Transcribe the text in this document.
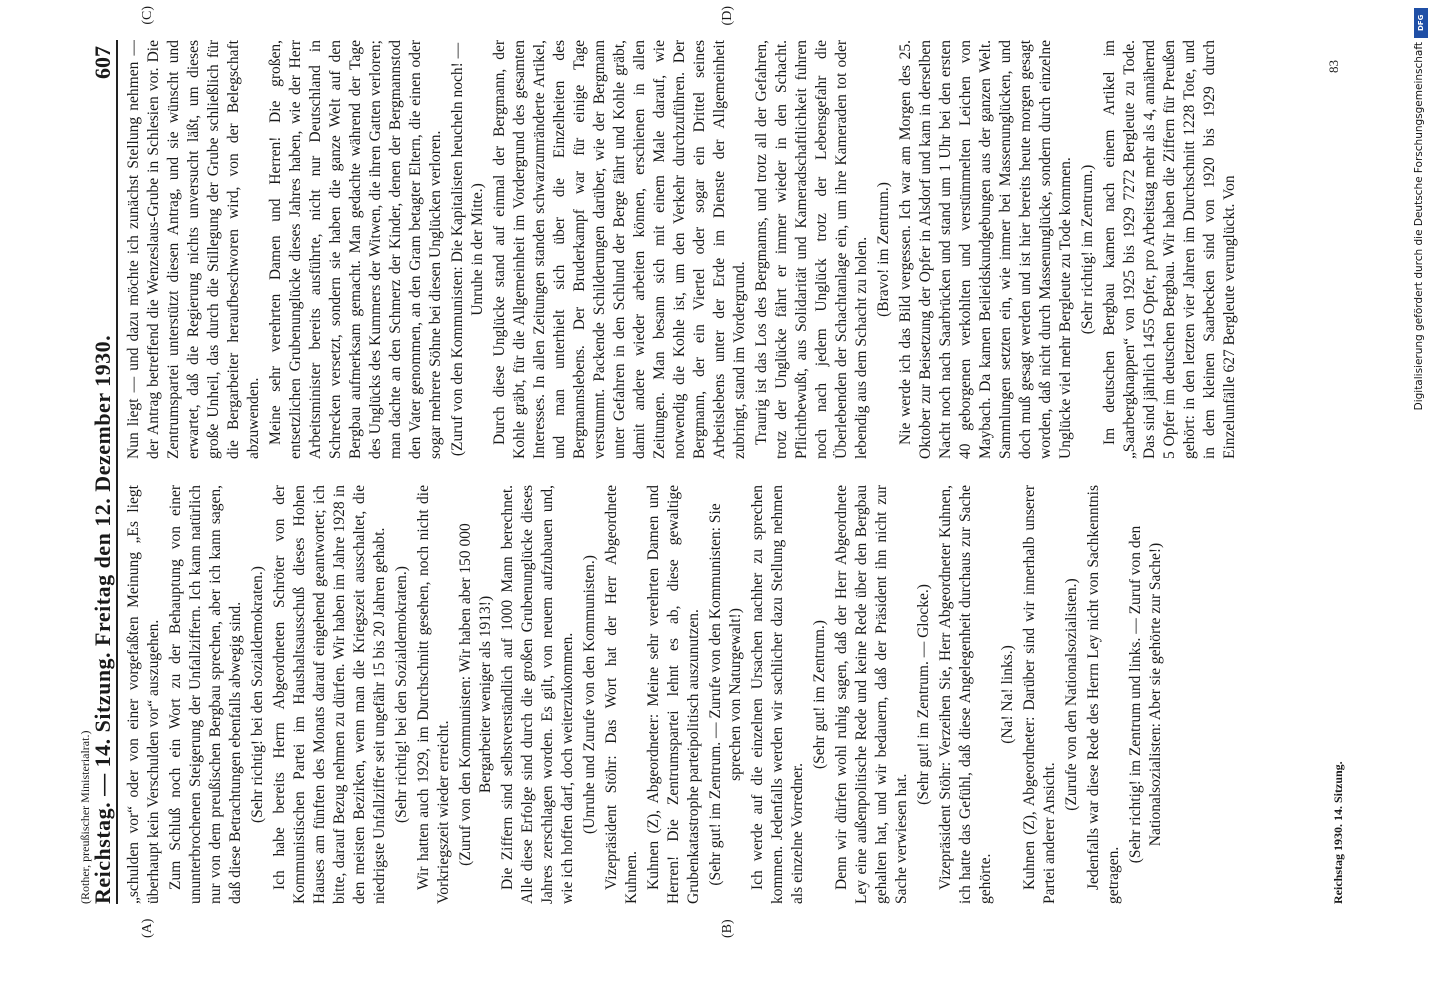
(Rother, preußischer Ministerialrat.)
Reichstag. — 14. Sitzung. Freitag den 12. Dezember 1930.
607
(A)	(B)
(C)	(D)

„schulden vor“ oder von einer vorgefaßten Meinung „Es liegt überhaupt kein Verschulden vor“ auszugehen. Zum Schluß noch ein Wort zu der Behauptung von einer ununterbrochenen Steigerung der Unfallziffern. Ich kann natürlich nur von dem preußischen Bergbau sprechen, aber ich kann sagen, daß diese Betrachtungen ebenfalls abwegig sind. (Sehr richtig! bei den Sozialdemokraten.) Ich habe bereits Herrn Abgeordneten Schröter von der Kommunistischen Partei im Haushaltsausschuß dieses Hohen Hauses am fünften des Monats darauf eingehend geantwortet; ich bitte, darauf Bezug nehmen zu dürfen. Wir haben im Jahre 1928 in den meisten Bezirken, wenn man die Kriegszeit ausschaltet, die niedrigste Unfallziffer seit ungefähr 15 bis 20 Jahren gehabt. (Sehr richtig! bei den Sozialdemokraten.) Wir hatten auch 1929, im Durchschnitt gesehen, noch nicht die Vorkriegszeit wieder erreicht. (Zuruf von den Kommunisten: Wir haben aber 150 000 Bergarbeiter weniger als 1913!) Die Ziffern sind selbstverständlich auf 1000 Mann berechnet. Alle diese Erfolge sind durch die großen Grubenunglücke dieses Jahres zerschlagen worden. Es gilt, von neuem aufzubauen und, wie ich hoffen darf, doch weiterzukommen. (Unruhe und Zurufe von den Kommunisten.) Vizepräsident Stöhr: Das Wort hat der Herr Abgeordnete Kuhnen. Kuhnen (Z), Abgeordneter: Meine sehr verehrten Damen und Herren! Die Zentrumspartei lehnt es ab, diese gewaltige Grubenkatastrophe parteipolitisch auszunutzen. (Sehr gut! im Zentrum. — Zurufe von den Kommunisten: Sie sprechen von Naturgewalt!) Ich werde auf die einzelnen Ursachen nachher zu sprechen kommen. Jedenfalls werden wir sachlicher dazu Stellung nehmen als einzelne Vorredner.

(Sehr gut! im Zentrum.) Denn wir dürfen wohl ruhig sagen, daß der Herr Abgeordnete Ley eine außenpolitische Rede und keine Rede über den Bergbau gehalten hat, und wir bedauern, daß der Präsident ihn nicht zur Sache verwiesen hat.

(Sehr gut! im Zentrum. — Glocke.) Vizepräsident Stöhr: Verzeihen Sie, Herr Abgeordneter Kuhnen, ich hatte das Gefühl, daß diese Angelegenheit durchaus zur Sache gehörte.

(Na! Na! links.) Kuhnen (Z), Abgeordneter: Darüber sind wir innerhalb unserer Partei anderer Ansicht.

(Zurufe von den Nationalsozialisten.) Jedenfalls war diese Rede des Herrn Ley nicht von Sachkenntnis getragen.

(Sehr richtig! im Zentrum und links. — Zuruf von den Nationalsozialisten: Aber sie gehörte zur Sache!)

Nun liegt — und dazu möchte ich zunächst Stellung nehmen — der Antrag betreffend die Wenzeslaus-Grube in Schlesien vor. Die Zentrumspartei unterstützt diesen Antrag, und sie wünscht und erwartet, daß die Regierung nichts unversucht läßt, um dieses große Unheil, das durch die Stillegung der Grube schließlich für die Bergarbeiter heraufbeschworen wird, von der Belegschaft abzuwenden. Meine sehr verehrten Damen und Herren! Die großen, entsetzlichen Grubenunglücke dieses Jahres haben, wie der Herr Arbeitsminister bereits ausführte, nicht nur Deutschland in Schrecken versetzt, sondern sie haben die ganze Welt auf den Bergbau aufmerksam gemacht. Man gedachte während der Tage des Unglücks des Kummers der Witwen, die ihren Gatten verloren; man dachte an den Schmerz der Kinder, denen der Bergmannstod den Vater genommen, an den Gram betagter Eltern, die einen oder sogar mehrere Söhne bei diesen Unglücken verloren. (Zuruf von den Kommunisten: Die Kapitalisten heucheln noch! — Unruhe in der Mitte.) Durch diese Unglücke stand auf einmal der Bergmann, der Kohle gräbt, für die Allgemeinheit im Vordergrund des gesamten Interesses. In allen Zeitungen standen schwarzumränderte Artikel, und man unterhielt sich über die Einzelheiten des Bergmannslebens. Der Bruderkampf war für einige Tage verstummt. Packende Schilderungen darüber, wie der Bergmann unter Gefahren in den Schlund der Berge fährt und Kohle gräbt, damit andere wieder arbeiten können, erschienen in allen Zeitungen. Man besann sich mit einem Male darauf, wie notwendig die Kohle ist, um den Verkehr durchzuführen. Der Bergmann, der ein Viertel oder sogar ein Drittel seines Arbeitslebens unter der Erde im Dienste der Allgemeinheit zubringt, stand im Vordergrund. Traurig ist das Los des Bergmanns, und trotz all der Gefahren, trotz der Unglücke fährt er immer wieder in den Schacht. Pflichtbewußt, aus Solidarität und Kameradschaftlichkeit fuhren noch nach jedem Unglück trotz der Lebensgefahr die Überlebenden der Schachtanlage ein, um ihre Kameraden tot oder lebendig aus dem Schacht zu holen. (Bravo! im Zentrum.) Nie werde ich das Bild vergessen. Ich war am Morgen des 25. Oktober zur Beisetzung der Opfer in Alsdorf und kam in derselben Nacht noch nach Saarbrücken und stand um 1 Uhr bei den ersten 40 geborgenen verkohlten und verstümmelten Leichen von Maybach. Da kamen Beileidskundgebungen aus der ganzen Welt. Sammlungen setzten ein, wie immer bei Massenunglücken, und doch muß gesagt werden und ist hier bereits heute morgen gesagt worden, daß nicht durch Massenunglücke, sondern durch einzelne Unglücke viel mehr Bergleute zu Tode kommen. (Sehr richtig! im Zentrum.) Im deutschen Bergbau kamen nach einem Artikel im „Saarbergknappen“ von 1925 bis 1929 7272 Bergleute zu Tode. Das sind jährlich 1455 Opfer, pro Arbeitstag mehr als 4, annähernd 5 Opfer im deutschen Bergbau. Wir haben die Ziffern für Preußen gehört: in den letzten vier Jahren im Durchschnitt 1228 Tote, und in dem kleinen Saarbecken sind von 1920 bis 1929 durch Einzelunfälle 627 Bergleute verunglückt. Von

Reichstag 1930. 14. Sitzung.
83
DFG
Digitalisierung gefördert durch die Deutsche Forschungsgemeinschaft
